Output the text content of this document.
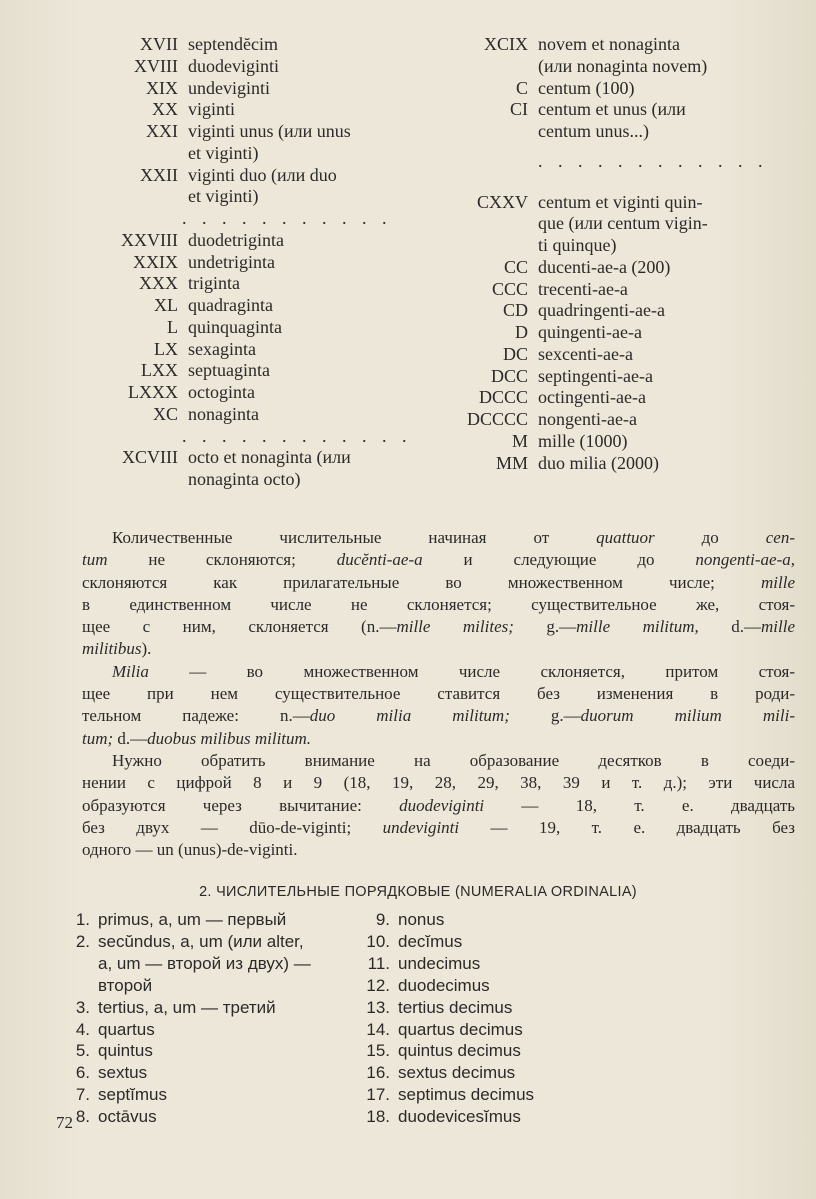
XVII septendĕcim
XVIII duodeviginti
XIX undeviginti
XX viginti
XXI viginti unus (или unus
et viginti)
XXII viginti duo (или duo
et viginti)
. . . . . . . . . . .
XXVIII duodetriginta
XXIX undetriginta
XXX triginta
XL quadraginta
L quinquaginta
LX sexaginta
LXX septuaginta
LXXX octoginta
XC nonaginta
. . . . . . . . . . . .
XCVIII octo et nonaginta (или
nonaginta octo)
XCIX novem et nonaginta
(или nonaginta novem)
C centum (100)
CI centum et unus (или
centum unus...)
. . . . . . . . . . . .
CXXV centum et viginti quin-
que (или centum vigin-
ti quinque)
CC ducenti-ae-a (200)
CCC trecenti-ae-a
CD quadringenti-ae-a
D quingenti-ae-a
DC sexcenti-ae-a
DCC septingenti-ae-a
DCCC octingenti-ae-a
DCCCC nongenti-ae-a
M mille (1000)
MM duo milia (2000)
Количественные числительные начиная от quattuor до cen-
tum не склоняются; ducĕnti-ae-a и следующие до nongenti-ae-a,
склоняются как прилагательные во множественном числе; mille
в единственном числе не склоняется; существительное же, стоя-
щее с ним, склоняется (n.—mille milites; g.—mille militum, d.—mille
militibus).
Milia — во множественном числе склоняется, притом стоя-
щее при нем существительное ставится без изменения в роди-
тельном падеже: n.—duo milia militum; g.—duorum milium mili-
tum; d.—duobus milibus militum.
Нужно обратить внимание на образование десятков в соеди-
нении с цифрой 8 и 9 (18, 19, 28, 29, 38, 39 и т. д.); эти числа
образуются через вычитание: duodeviginti — 18, т. е. двадцать
без двух — dūo-de-viginti; undeviginti — 19, т. е. двадцать без
одного — un (unus)-de-viginti.
2. ЧИСЛИТЕЛЬНЫЕ ПОРЯДКОВЫЕ (NUMERALIA ORDINALIA)
1. primus, a, um — первый
2. secŭndus, a, um (или alter,
a, um — второй из двух) —
второй
3. tertius, a, um — третий
4. quartus
5. quintus
6. sextus
7. septĭmus
8. octāvus
9. nonus
10. decĭmus
11. undecimus
12. duodecimus
13. tertius decimus
14. quartus decimus
15. quintus decimus
16. sextus decimus
17. septimus decimus
18. duodevicesĭmus
72
